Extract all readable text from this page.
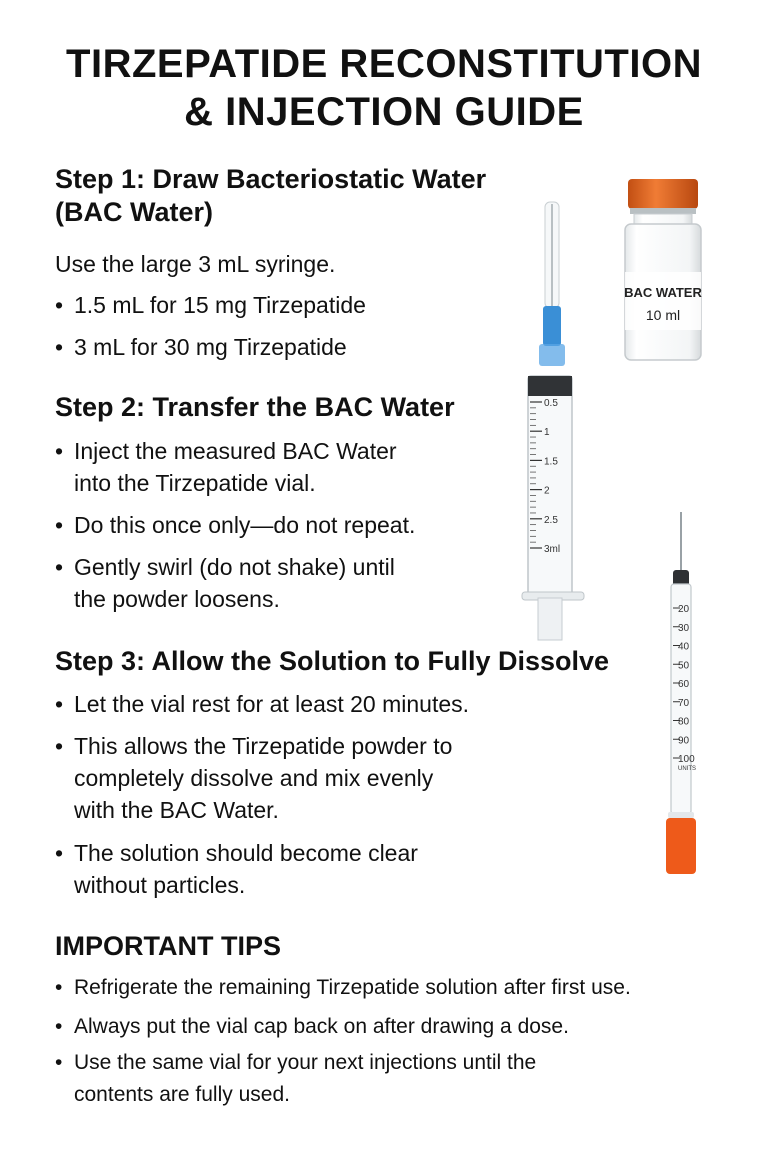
TIRZEPATIDE RECONSTITUTION
& INJECTION GUIDE
Step 1: Draw Bacteriostatic Water
(BAC Water)
Use the large 3 mL syringe.
• 1.5 mL for 15 mg Tirzepatide
• 3 mL for 30 mg Tirzepatide
Step 2: Transfer the BAC Water
• Inject the measured BAC Water
into the Tirzepatide vial.
• Do this once only—do not repeat.
• Gently swirl (do not shake) until
the powder loosens.
Step 3: Allow the Solution to Fully Dissolve
• Let the vial rest for at least 20 minutes.
• This allows the Tirzepatide powder to
completely dissolve and mix evenly
with the BAC Water.
• The solution should become clear
without particles.
IMPORTANT TIPS
• Refrigerate the remaining Tirzepatide solution after first use.
• Always put the vial cap back on after drawing a dose.
• Use the same vial for your next injections until the
contents are fully used.
BAC WATER
10 ml
0.5
1
1.5
2
2.5
3ml
20
30
40
50
60
70
80
90
100
UNITS
